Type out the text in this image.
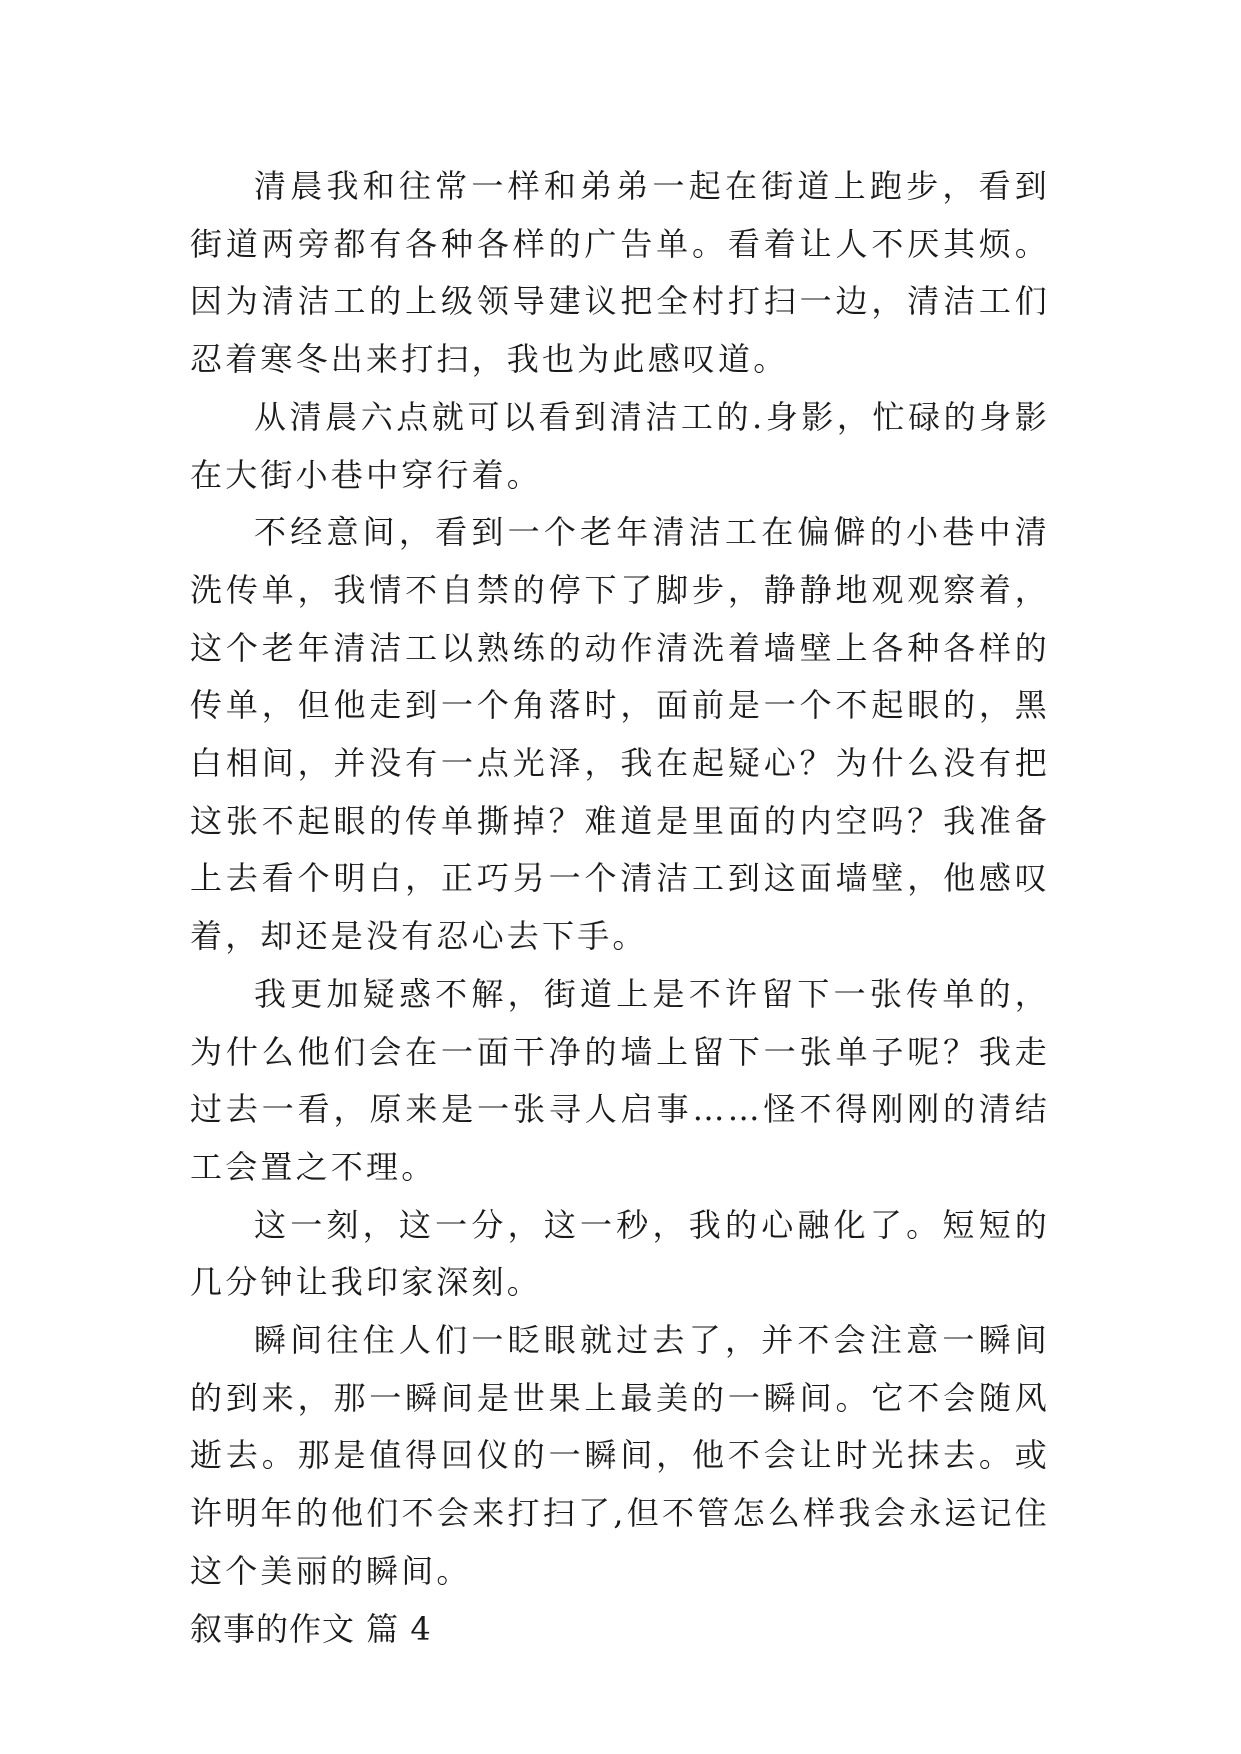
清晨我和往常一样和弟弟一起在街道上跑步，看到街道两旁都有各种各样的广告单。看着让人不厌其烦。因为清洁工的上级领导建议把全村打扫一边，清洁工们忍着寒冬出来打扫，我也为此感叹道。

从清晨六点就可以看到清洁工的.身影，忙碌的身影在大街小巷中穿行着。

不经意间，看到一个老年清洁工在偏僻的小巷中清洗传单，我情不自禁的停下了脚步，静静地观观察着，这个老年清洁工以熟练的动作清洗着墙壁上各种各样的传单，但他走到一个角落时，面前是一个不起眼的，黑白相间，并没有一点光泽，我在起疑心？为什么没有把这张不起眼的传单撕掉？难道是里面的内空吗？我准备上去看个明白，正巧另一个清洁工到这面墙壁，他感叹着，却还是没有忍心去下手。

我更加疑惑不解，街道上是不许留下一张传单的，为什么他们会在一面干净的墙上留下一张单子呢？我走过去一看，原来是一张寻人启事……怪不得刚刚的清结工会置之不理。

这一刻，这一分，这一秒，我的心融化了。短短的几分钟让我印家深刻。

瞬间往住人们一眨眼就过去了，并不会注意一瞬间的到来，那一瞬间是世果上最美的一瞬间。它不会随风逝去。那是值得回仪的一瞬间，他不会让时光抹去。或许明年的他们不会来打扫了,但不管怎么样我会永运记住这个美丽的瞬间。

叙事的作文 篇 4
